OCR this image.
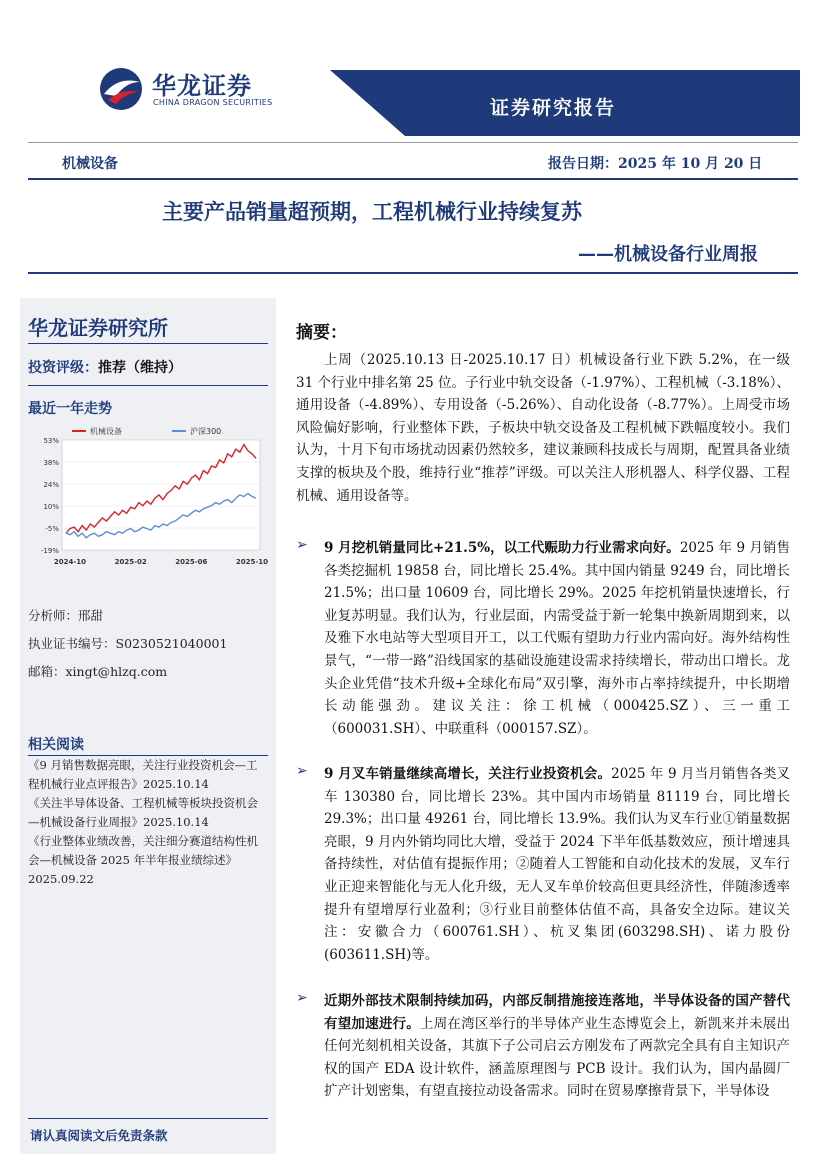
华龙证券
CHINA DRAGON SECURITIES	证券研究报告
机械设备	报告日期：2025 年 10 月 20 日
主要产品销量超预期，工程机械行业持续复苏
——机械设备行业周报
华龙证券研究所
投资评级：推荐（维持）
最近一年走势
53%
38%
24%
10%
-5%
-19%
2024-10	2025-02	2025-06	2025-10
机械设备	沪深300
分析师：邢甜
执业证书编号：S0230521040001
邮箱：xingt@hlzq.com
相关阅读
《9 月销售数据亮眼，关注行业投资机会—工程机械行业点评报告》2025.10.14
《关注半导体设备、工程机械等板块投资机会—机械设备行业周报》2025.10.14
《行业整体业绩改善，关注细分赛道结构性机会—机械设备 2025 年半年报业绩综述》2025.09.22
请认真阅读文后免责条款
摘要：
上周（2025.10.13 日-2025.10.17 日）机械设备行业下跌 5.2%，在一级 31 个行业中排名第 25 位。子行业中轨交设备（-1.97%）、工程机械（-3.18%）、通用设备（-4.89%）、专用设备（-5.26%）、自动化设备（-8.77%）。上周受市场风险偏好影响，行业整体下跌，子板块中轨交设备及工程机械下跌幅度较小。我们认为，十月下旬市场扰动因素仍然较多，建议兼顾科技成长与周期，配置具备业绩支撑的板块及个股，维持行业“推荐”评级。可以关注人形机器人、科学仪器、工程机械、通用设备等。
➢ 9 月挖机销量同比+21.5%，以工代赈助力行业需求向好。2025 年 9 月销售各类挖掘机 19858 台，同比增长 25.4%。其中国内销量 9249 台，同比增长 21.5%；出口量 10609 台，同比增长 29%。2025 年挖机销量快速增长，行业复苏明显。我们认为，行业层面，内需受益于新一轮集中换新周期到来，以及雅下水电站等大型项目开工，以工代赈有望助力行业内需向好。海外结构性景气，“一带一路”沿线国家的基础设施建设需求持续增长，带动出口增长。龙头企业凭借“技术升级+全球化布局”双引擎，海外市占率持续提升，中长期增长动能强劲。建议关注：徐工机械（000425.SZ）、三一重工（600031.SH）、中联重科（000157.SZ）。
➢ 9 月叉车销量继续高增长，关注行业投资机会。2025 年 9 月当月销售各类叉车 130380 台，同比增长 23%。其中国内市场销量 81119 台，同比增长 29.3%；出口量 49261 台，同比增长 13.9%。我们认为叉车行业①销量数据亮眼，9 月内外销均同比大增，受益于 2024 下半年低基数效应，预计增速具备持续性，对估值有提振作用；②随着人工智能和自动化技术的发展，叉车行业正迎来智能化与无人化升级，无人叉车单价较高但更具经济性，伴随渗透率提升有望增厚行业盈利；③行业目前整体估值不高，具备安全边际。建议关注：安徽合力（600761.SH）、杭叉集团(603298.SH)、诺力股份(603611.SH)等。
➢ 近期外部技术限制持续加码，内部反制措施接连落地，半导体设备的国产替代有望加速进行。上周在湾区举行的半导体产业生态博览会上，新凯来并未展出任何光刻机相关设备，其旗下子公司启云方刚发布了两款完全具有自主知识产权的国产 EDA 设计软件，涵盖原理图与 PCB 设计。我们认为，国内晶圆厂扩产计划密集，有望直接拉动设备需求。同时在贸易摩擦背景下，半导体设
